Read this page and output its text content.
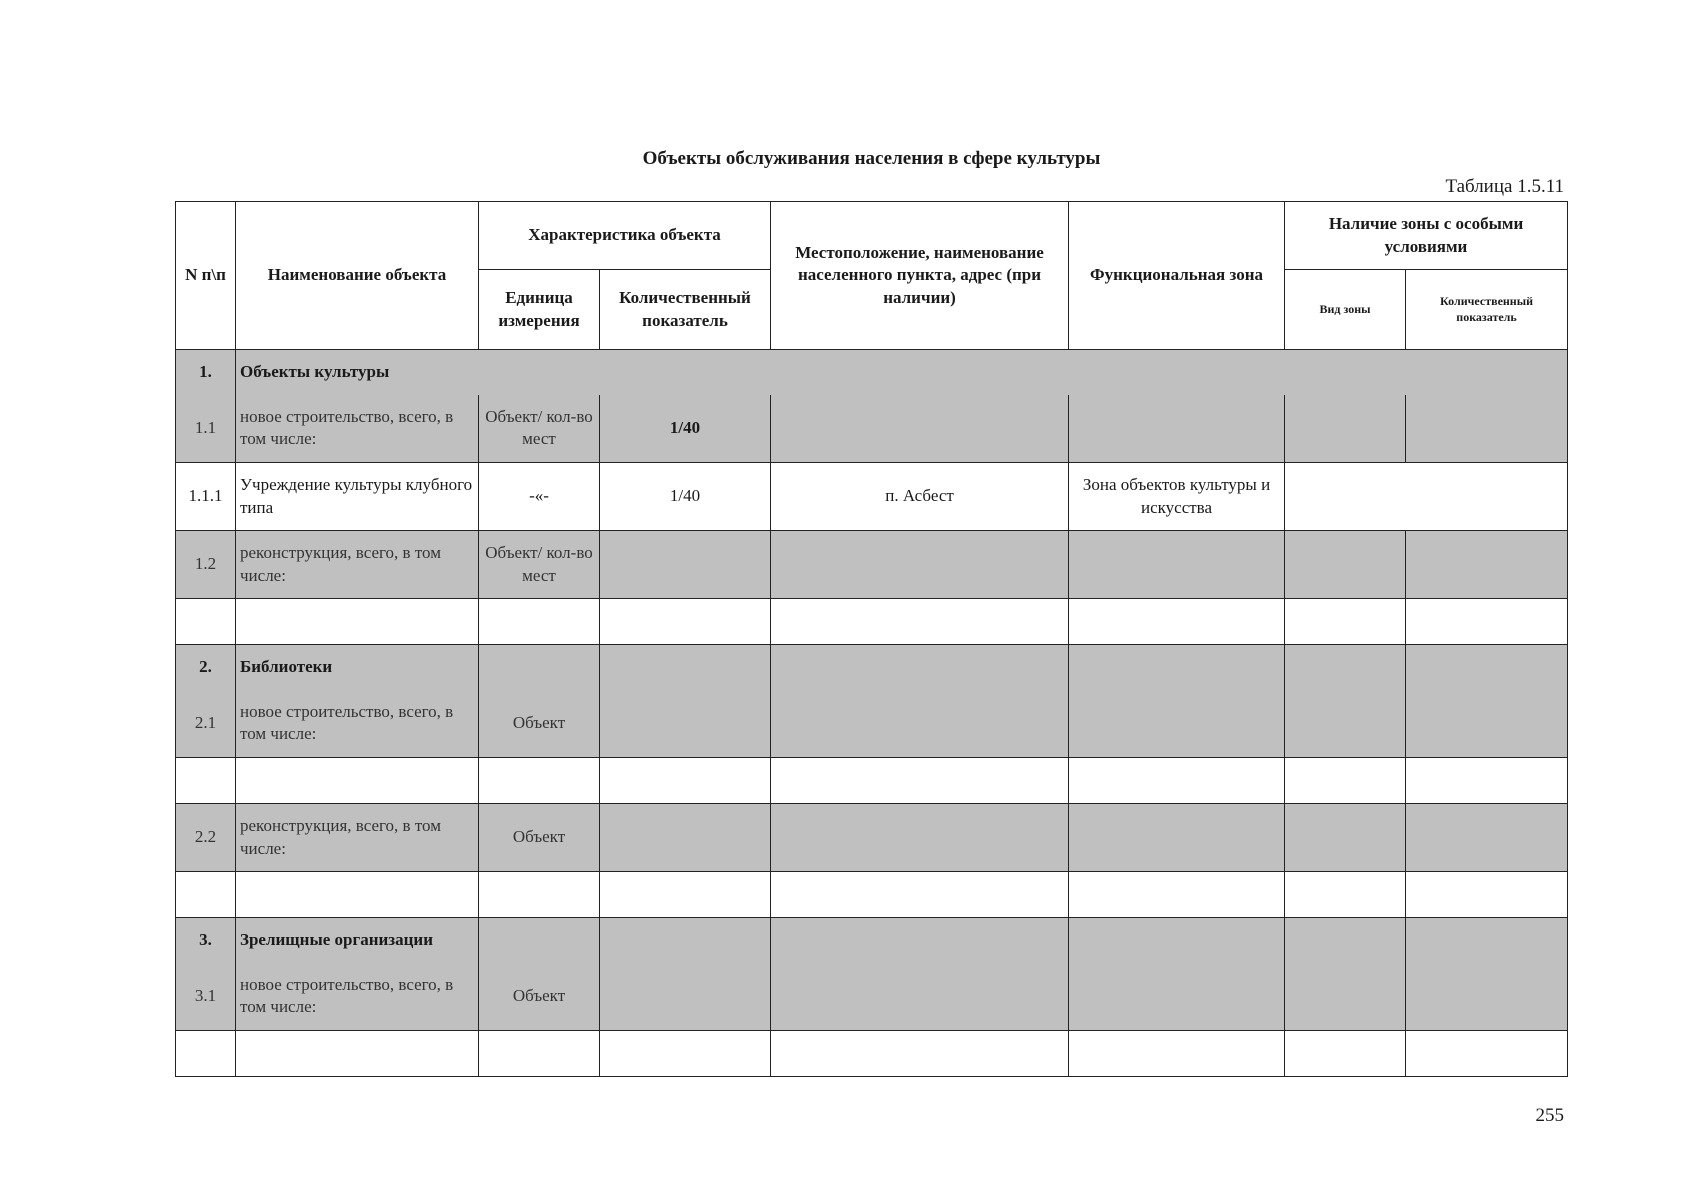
Объекты обслуживания населения в сфере культуры
Таблица 1.5.11
N п\п	Наименование объекта	Характеристика объекта		Местоположение, наименование населенного пункта, адрес (при наличии)	Функциональная зона	Наличие зоны с особыми условиями	
		Единица измерения	Количественный показатель			Вид зоны	Количественный показатель
1.	Объекты культуры						
1.1	новое строительство, всего, в том числе:	Объект/ кол-во мест	1/40				
1.1.1	Учреждение культуры клубного типа	-«-	1/40	п. Асбест	Зона объектов культуры и искусства		
1.2	реконструкция, всего, в том числе:	Объект/ кол-во мест					

2.	Библиотеки						
2.1	новое строительство, всего, в том числе:	Объект					

2.2	реконструкция, всего, в том числе:	Объект					

3.	Зрелищные организации						
3.1	новое строительство, всего, в том числе:	Объект					

255
